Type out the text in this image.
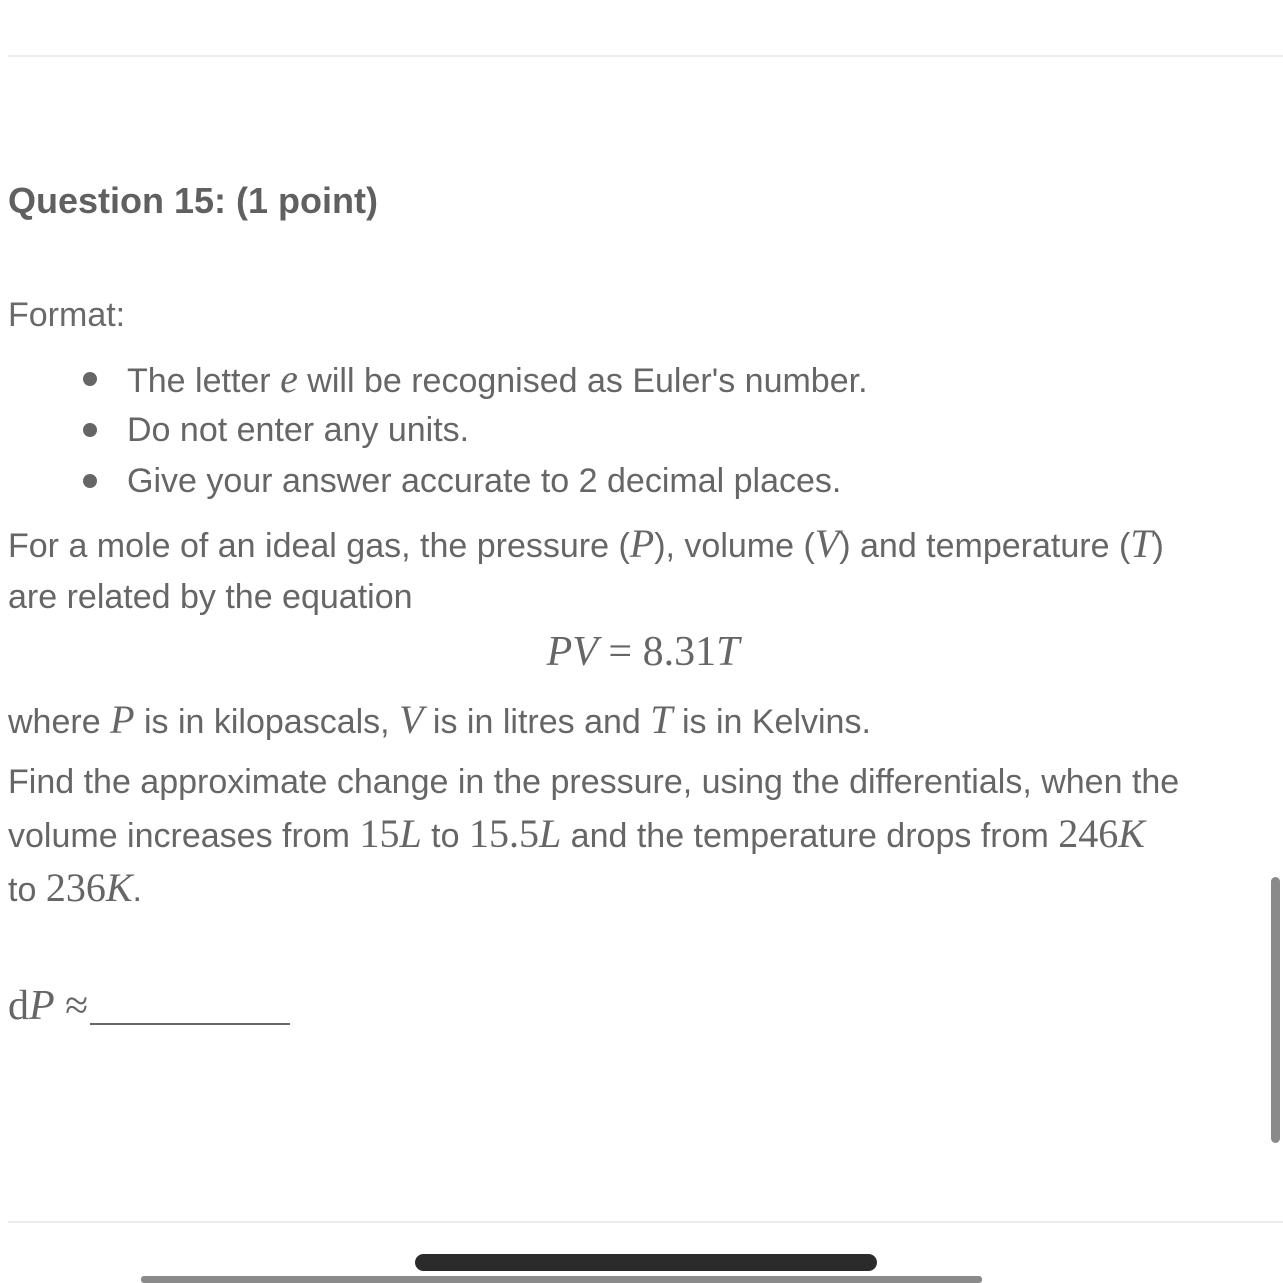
Question 15: (1 point)
Format:
The letter e will be recognised as Euler's number.
Do not enter any units.
Give your answer accurate to 2 decimal places.
For a mole of an ideal gas, the pressure (P), volume (V) and temperature (T)
are related by the equation
PV = 8.31T
where P is in kilopascals, V is in litres and T is in Kelvins.
Find the approximate change in the pressure, using the differentials, when the
volume increases from 15L to 15.5L and the temperature drops from 246K
to 236K.
dP ≈
